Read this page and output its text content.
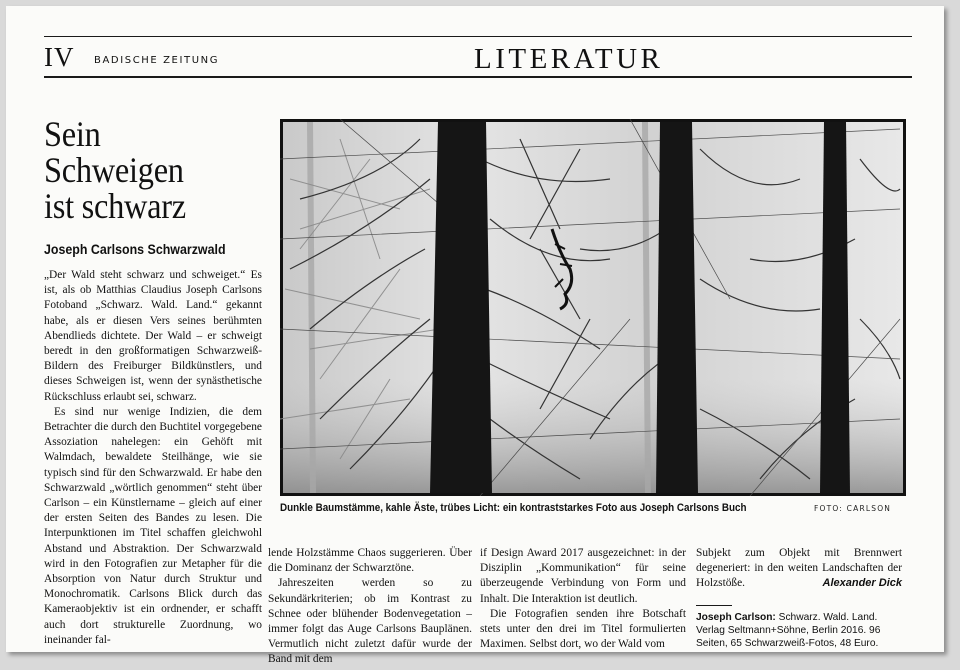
IV BADISCHE ZEITUNG	LITERATUR
Sein
Schweigen
ist schwarz
Joseph Carlsons Schwarzwald

„Der Wald steht schwarz und schweiget.“ Es ist, als ob Matthias Claudius Joseph Carlsons Fotoband „Schwarz. Wald. Land.“ gekannt habe, als er diesen Vers seines berühmten Abendlieds dichtete. Der Wald – er schweigt beredt in den großformatigen Schwarzweiß-Bildern des Freiburger Bildkünstlers, und dieses Schweigen ist, wenn der synästhetische Rückschluss erlaubt sei, schwarz.

Es sind nur wenige Indizien, die dem Betrachter die durch den Buchtitel vorgegebene Assoziation nahelegen: ein Gehöft mit Walmdach, bewaldete Steilhänge, wie sie typisch sind für den Schwarzwald. Er habe den Schwarzwald „wörtlich genommen“ steht über Carlson – ein Künstlername – gleich auf einer der ersten Seiten des Bandes zu lesen. Die Interpunktionen im Titel schaffen gleichwohl Abstand und Abstraktion. Der Schwarzwald wird in den Fotografien zur Metapher für die Absorption von Natur durch Struktur und Monochromatik. Carlsons Blick durch das Kameraobjektiv ist ein ordnender, er schafft auch dort strukturelle Zuordnung, wo ineinander fal-

Dunkle Baumstämme, kahle Äste, trübes Licht: ein kontraststarkes Foto aus Joseph Carlsons Buch	FOTO: CARLSON

lende Holzstämme Chaos suggerieren. Über die Dominanz der Schwarztöne.

Jahreszeiten werden so zu Sekundärkriterien; ob im Kontrast zu Schnee oder blühender Bodenvegetation – immer folgt das Auge Carlsons Bauplänen. Vermutlich nicht zuletzt dafür wurde der Band mit dem

if Design Award 2017 ausgezeichnet: in der Disziplin „Kommunikation“ für seine überzeugende Verbindung von Form und Inhalt. Die Interaktion ist deutlich.

Die Fotografien senden ihre Botschaft stets unter den drei im Titel formulierten Maximen. Selbst dort, wo der Wald vom

Subjekt zum Objekt mit Brennwert degeneriert: in den weiten Landschaften der Holzstöße.	Alexander Dick

Joseph Carlson: Schwarz. Wald. Land. Verlag Seltmann+Söhne, Berlin 2016. 96 Seiten, 65 Schwarzweiß-Fotos, 48 Euro.
